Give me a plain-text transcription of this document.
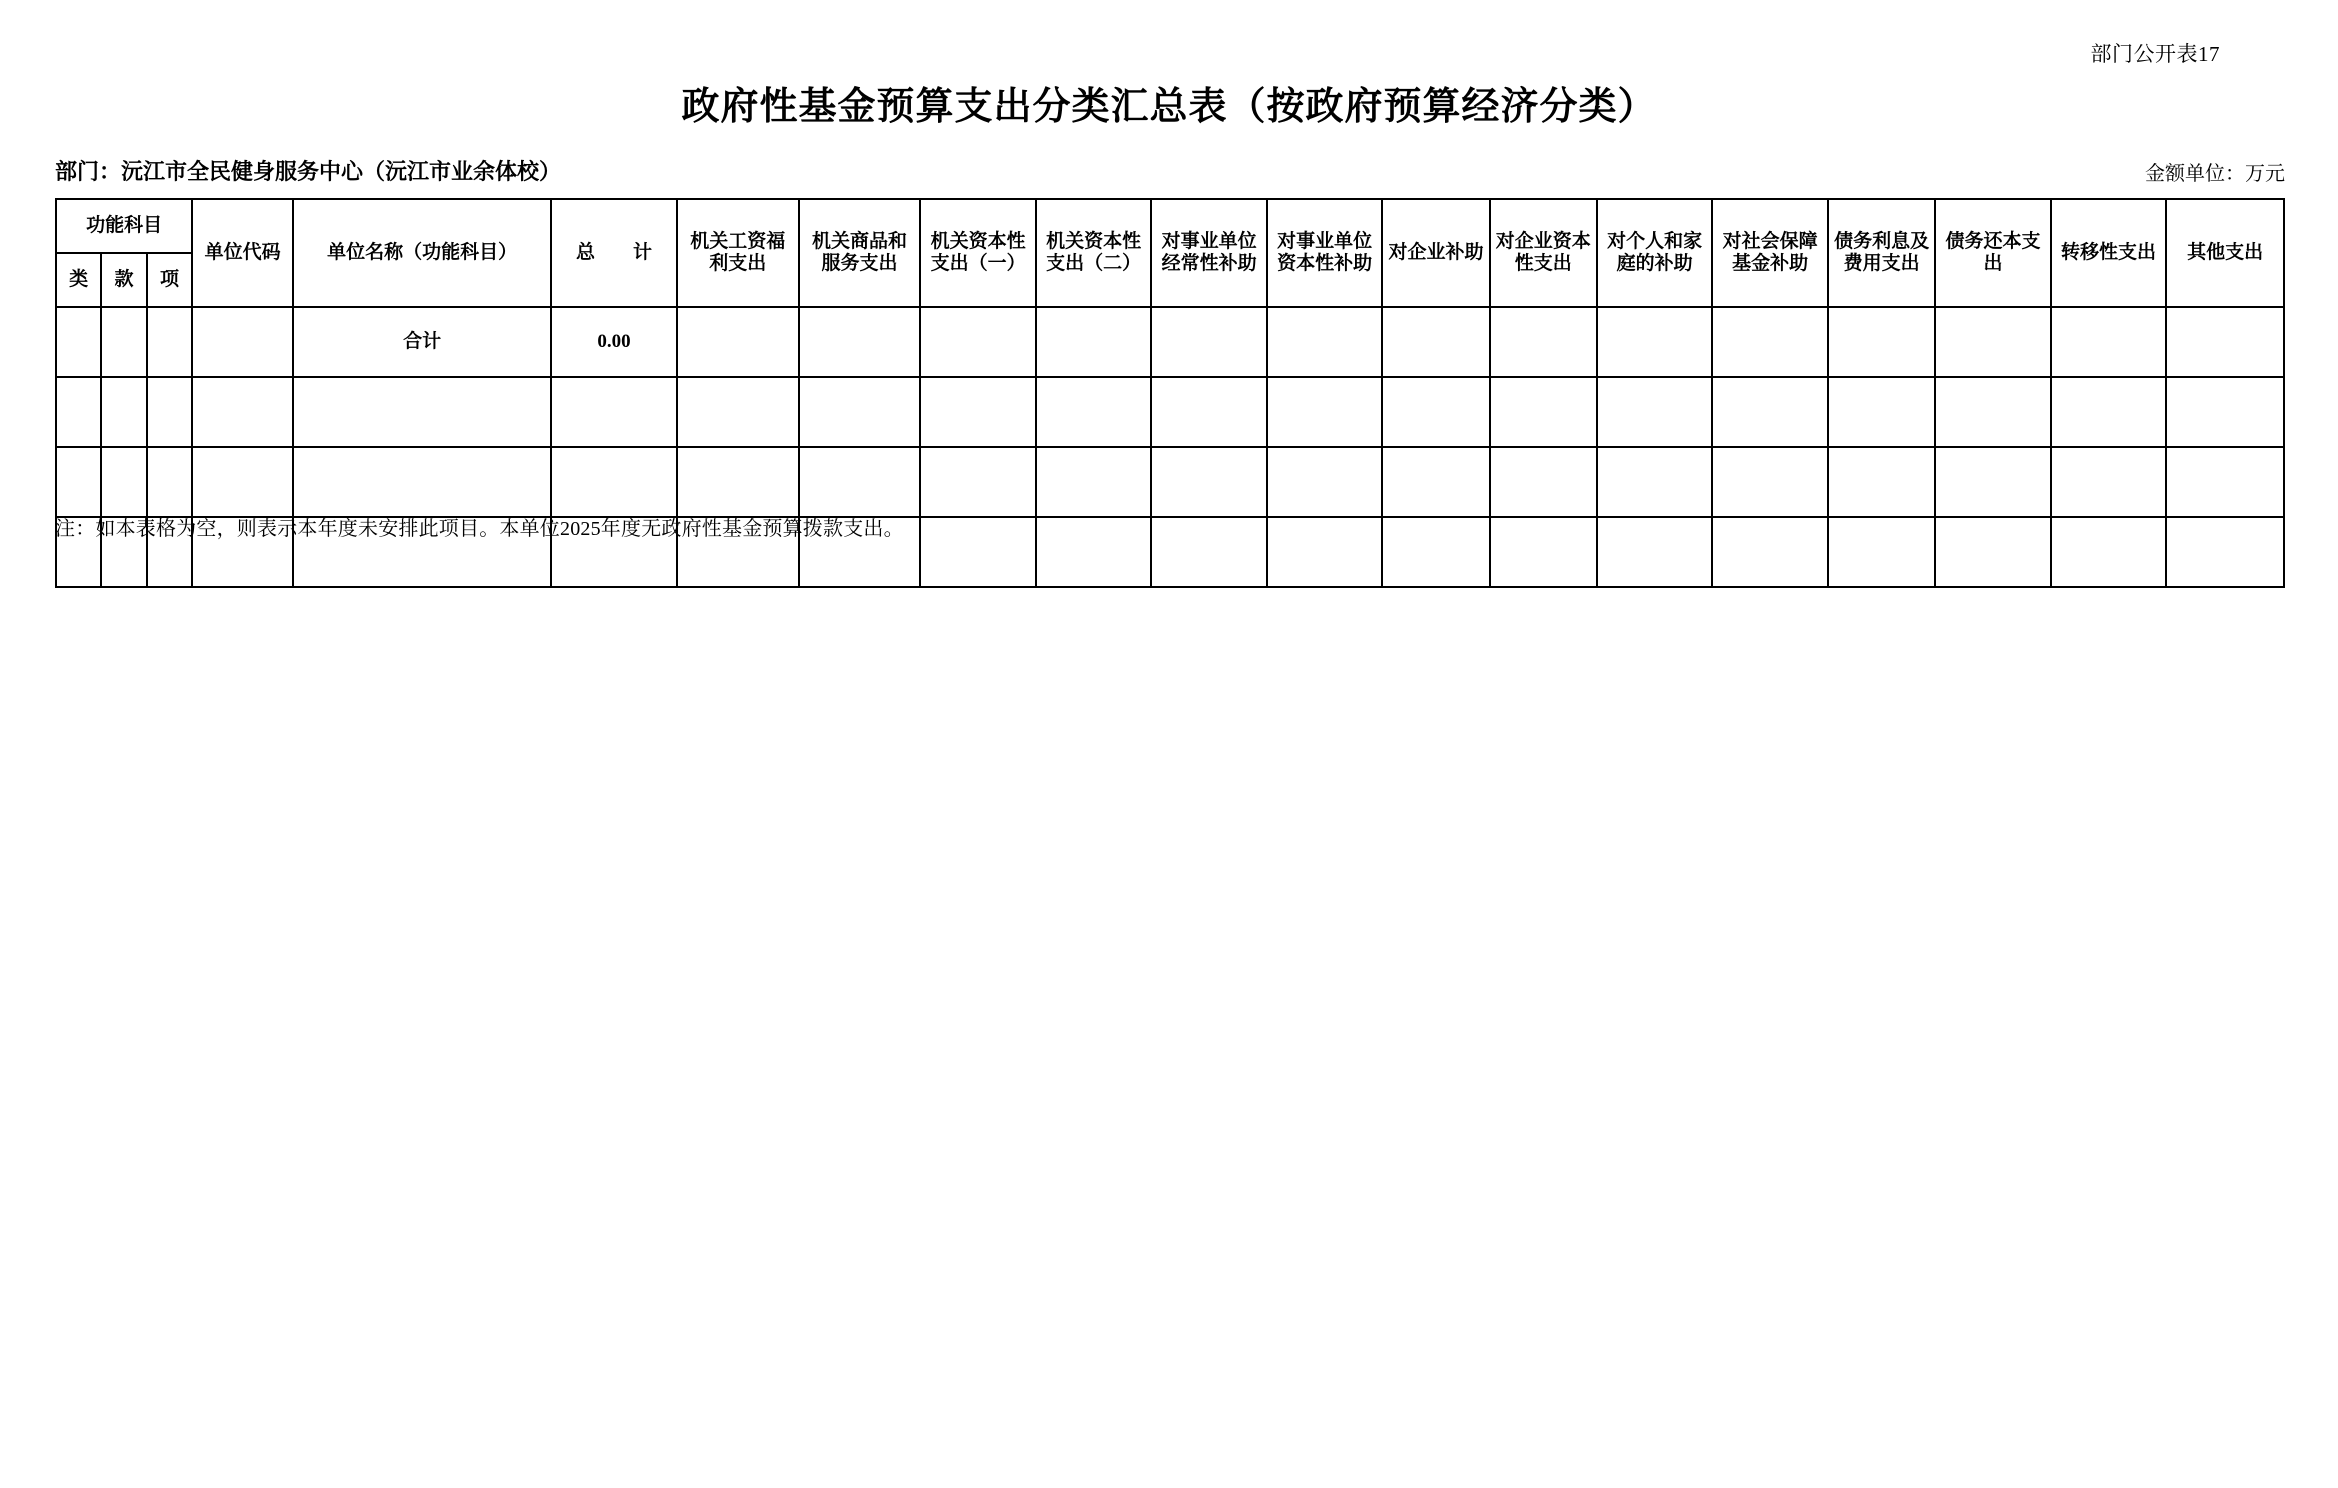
部门公开表17
政府性基金预算支出分类汇总表（按政府预算经济分类）
部门：沅江市全民健身服务中心（沅江市业余体校）	金额单位：万元
功能科目			单位代码	单位名称（功能科目）	总　　计	机关工资福利支出	机关商品和服务支出	机关资本性支出（一）	机关资本性支出（二）	对事业单位经常性补助	对事业单位资本性补助	对企业补助	对企业资本性支出	对个人和家庭的补助	对社会保障基金补助	债务利息及费用支出	债务还本支出	转移性支出	其他支出
类	款	项																	
				合计	0.00														

注：如本表格为空，则表示本年度未安排此项目。本单位2025年度无政府性基金预算拨款支出。
